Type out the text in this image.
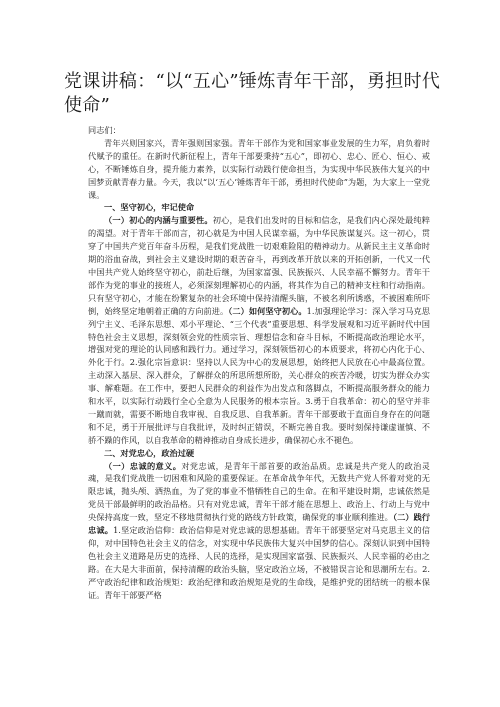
党课讲稿：“以“五心”锤炼青年干部，勇担时代使命”

同志们：

青年兴则国家兴，青年强则国家强。青年干部作为党和国家事业发展的生力军，肩负着时代赋予的重任。在新时代新征程上，青年干部要秉持“五心”，即初心、忠心、匠心、恒心、戒心，不断锤炼自身，提升能力素养，以实际行动践行使命担当，为实现中华民族伟大复兴的中国梦贡献青春力量。今天，我以“以‘五心’锤炼青年干部，勇担时代使命”为题，为大家上一堂党课。

一、坚守初心，牢记使命

（一）初心的内涵与重要性。初心，是我们出发时的目标和信念，是我们内心深处最纯粹的渴望。对于青年干部而言，初心就是为中国人民谋幸福，为中华民族谋复兴。这一初心，贯穿了中国共产党百年奋斗历程，是我们党战胜一切艰难险阻的精神动力。从新民主主义革命时期的浴血奋战，到社会主义建设时期的艰苦奋斗，再到改革开放以来的开拓创新，一代又一代中国共产党人始终坚守初心，前赴后继，为国家富强、民族振兴、人民幸福不懈努力。青年干部作为党的事业的接班人，必须深刻理解初心的内涵，将其作为自己的精神支柱和行动指南。只有坚守初心，才能在纷繁复杂的社会环境中保持清醒头脑，不被名利所诱惑，不被困难所吓倒，始终坚定地朝着正确的方向前进。（二）如何坚守初心。1.加强理论学习：深入学习马克思列宁主义、毛泽东思想、邓小平理论、“三个代表”重要思想、科学发展观和习近平新时代中国特色社会主义思想，深刻领会党的性质宗旨、理想信念和奋斗目标，不断提高政治理论水平，增强对党的理论的认同感和践行力。通过学习，深刻领悟初心的本质要求，将初心内化于心、外化于行。2.强化宗旨意识：坚持以人民为中心的发展思想，始终把人民放在心中最高位置。主动深入基层、深入群众，了解群众的所思所想所盼，关心群众的疾苦冷暖，切实为群众办实事、解难题。在工作中，要把人民群众的利益作为出发点和落脚点，不断提高服务群众的能力和水平，以实际行动践行全心全意为人民服务的根本宗旨。3.勇于自我革命：初心的坚守并非一蹴而就，需要不断地自我审视、自我反思、自我革新。青年干部要敢于直面自身存在的问题和不足，勇于开展批评与自我批评，及时纠正错误，不断完善自我。要时刻保持谦虚谨慎、不骄不躁的作风，以自我革命的精神推动自身成长进步，确保初心永不褪色。

二、对党忠心，政治过硬

（一）忠诚的意义。对党忠诚，是青年干部首要的政治品质。忠诚是共产党人的政治灵魂，是我们党战胜一切困难和风险的重要保证。在革命战争年代，无数共产党人怀着对党的无限忠诚，抛头颅、洒热血，为了党的事业不惜牺牲自己的生命。在和平建设时期，忠诚依然是党员干部最鲜明的政治品格。只有对党忠诚，青年干部才能在思想上、政治上、行动上与党中央保持高度一致，坚定不移地贯彻执行党的路线方针政策，确保党的事业顺利推进。（二）践行忠诚。1.坚定政治信仰：政治信仰是对党忠诚的思想基础。青年干部要坚定对马克思主义的信仰，对中国特色社会主义的信念，对实现中华民族伟大复兴中国梦的信心。深刻认识到中国特色社会主义道路是历史的选择、人民的选择，是实现国家富强、民族振兴、人民幸福的必由之路。在大是大非面前，保持清醒的政治头脑，坚定政治立场，不被错误言论和思潮所左右。2.严守政治纪律和政治规矩：政治纪律和政治规矩是党的生命线，是维护党的团结统一的根本保证。青年干部要严格
